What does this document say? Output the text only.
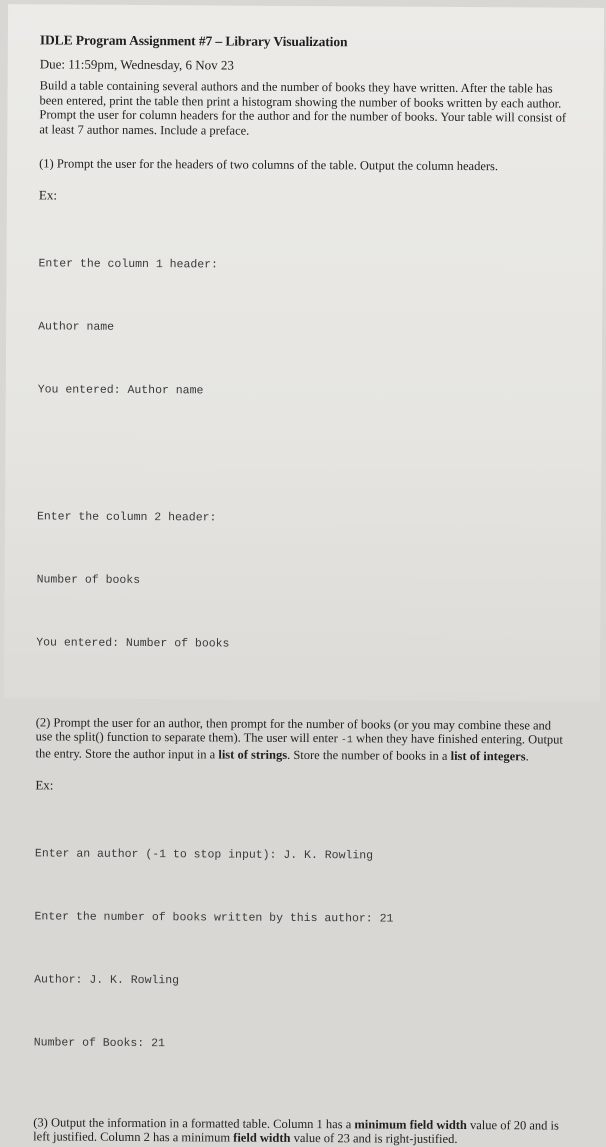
IDLE Program Assignment #7 – Library Visualization
Due: 11:59pm, Wednesday, 6 Nov 23

Build a table containing several authors and the number of books they have written. After the table has been entered, print the table then print a histogram showing the number of books written by each author. Prompt the user for column headers for the author and for the number of books. Your table will consist of at least 7 author names. Include a preface.

(1) Prompt the user for the headers of two columns of the table. Output the column headers.

Ex:

Enter the column 1 header:

Author name

You entered: Author name

Enter the column 2 header:

Number of books

You entered: Number of books

(2) Prompt the user for an author, then prompt for the number of books (or you may combine these and use the split() function to separate them). The user will enter -1 when they have finished entering. Output the entry. Store the author input in a list of strings. Store the number of books in a list of integers.

Ex:

Enter an author (-1 to stop input): J. K. Rowling

Enter the number of books written by this author: 21

Author: J. K. Rowling

Number of Books: 21

(3) Output the information in a formatted table. Column 1 has a minimum field width value of 20 and is left justified. Column 2 has a minimum field width value of 23 and is right-justified.
